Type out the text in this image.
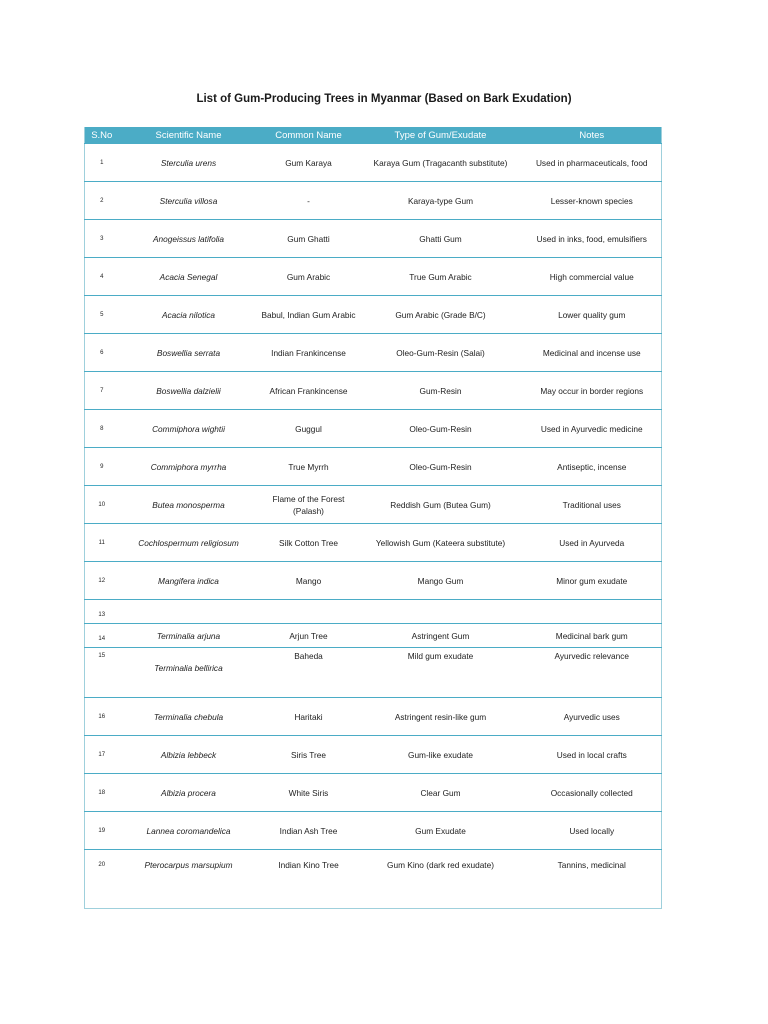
List of Gum-Producing Trees in Myanmar (Based on Bark Exudation)
S.No	Scientific Name	Common Name	Type of Gum/Exudate	Notes
1	Sterculia urens	Gum Karaya	Karaya Gum (Tragacanth substitute)	Used in pharmaceuticals, food
2	Sterculia villosa	-	Karaya-type Gum	Lesser-known species
3	Anogeissus latifolia	Gum Ghatti	Ghatti Gum	Used in inks, food, emulsifiers
4	Acacia Senegal	Gum Arabic	True Gum Arabic	High commercial value
5	Acacia nilotica	Babul, Indian Gum Arabic	Gum Arabic (Grade B/C)	Lower quality gum
6	Boswellia serrata	Indian Frankincense	Oleo-Gum-Resin (Salai)	Medicinal and incense use
7	Boswellia dalzielii	African Frankincense	Gum-Resin	May occur in border regions
8	Commiphora wightii	Guggul	Oleo-Gum-Resin	Used in Ayurvedic medicine
9	Commiphora myrrha	True Myrrh	Oleo-Gum-Resin	Antiseptic, incense
10	Butea monosperma	Flame of the Forest (Palash)	Reddish Gum (Butea Gum)	Traditional uses
11	Cochlospermum religiosum	Silk Cotton Tree	Yellowish Gum (Kateera substitute)	Used in Ayurveda
12	Mangifera indica	Mango	Mango Gum	Minor gum exudate
13				
14	Terminalia arjuna	Arjun Tree	Astringent Gum	Medicinal bark gum
15	Terminalia bellirica	Baheda	Mild gum exudate	Ayurvedic relevance
16	Terminalia chebula	Haritaki	Astringent resin-like gum	Ayurvedic uses
17	Albizia lebbeck	Siris Tree	Gum-like exudate	Used in local crafts
18	Albizia procera	White Siris	Clear Gum	Occasionally collected
19	Lannea coromandelica	Indian Ash Tree	Gum Exudate	Used locally
20	Pterocarpus marsupium	Indian Kino Tree	Gum Kino (dark red exudate)	Tannins, medicinal
